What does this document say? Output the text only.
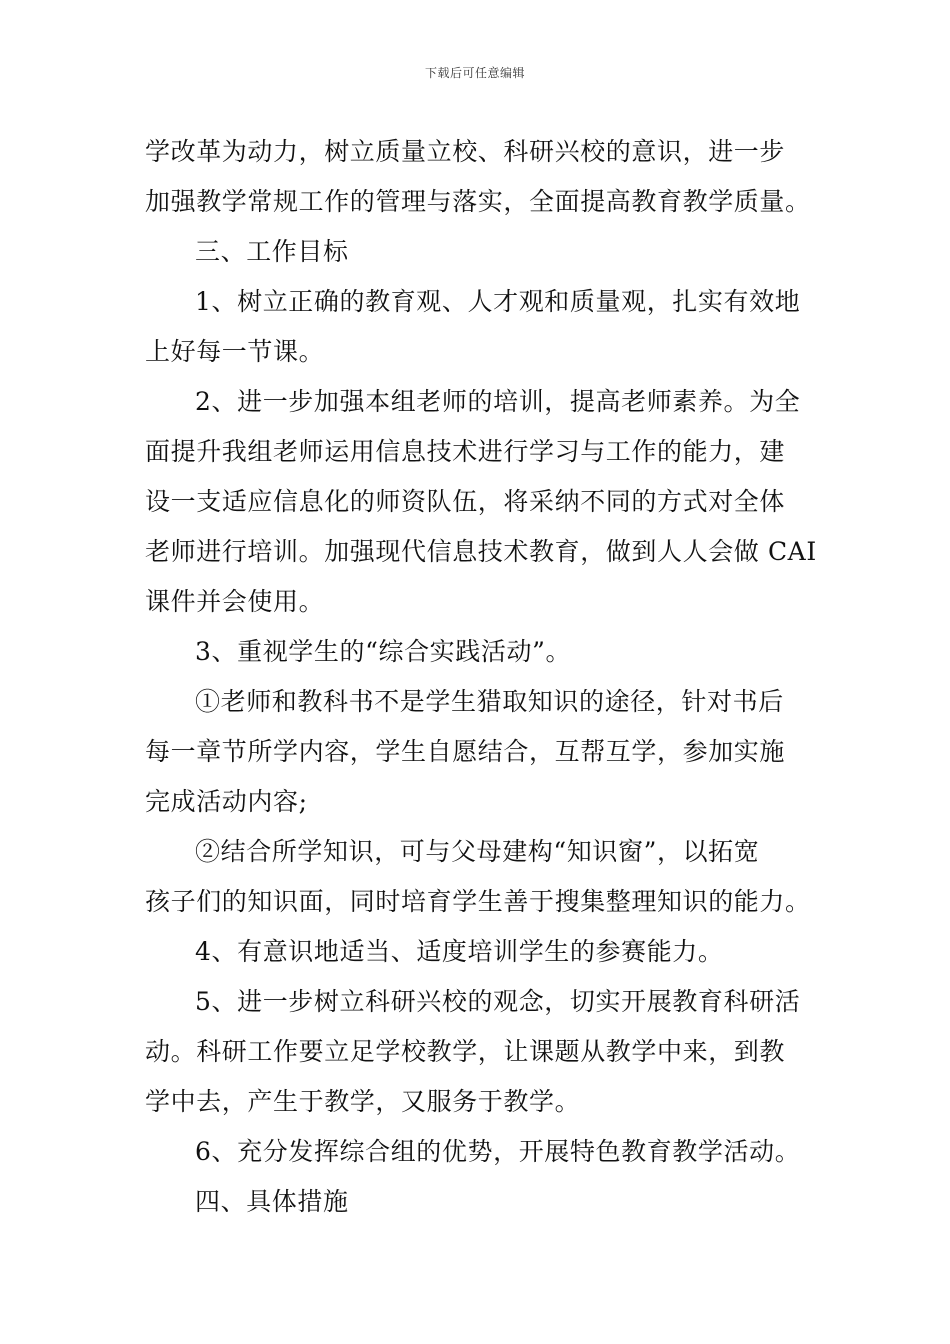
下载后可任意编辑

学改革为动力，树立质量立校、科研兴校的意识，进一步

加强教学常规工作的管理与落实，全面提高教育教学质量。

三、工作目标

1、树立正确的教育观、人才观和质量观，扎实有效地

上好每一节课。

2、进一步加强本组老师的培训，提高老师素养。为全

面提升我组老师运用信息技术进行学习与工作的能力，建

设一支适应信息化的师资队伍，将采纳不同的方式对全体

老师进行培训。加强现代信息技术教育，做到人人会做 CAI

课件并会使用。

3、重视学生的“综合实践活动”。

①老师和教科书不是学生猎取知识的途径，针对书后

每一章节所学内容，学生自愿结合，互帮互学，参加实施

完成活动内容;

②结合所学知识，可与父母建构“知识窗”，以拓宽

孩子们的知识面，同时培育学生善于搜集整理知识的能力。

4、有意识地适当、适度培训学生的参赛能力。

5、进一步树立科研兴校的观念，切实开展教育科研活

动。科研工作要立足学校教学，让课题从教学中来，到教

学中去，产生于教学，又服务于教学。

6、充分发挥综合组的优势，开展特色教育教学活动。

四、具体措施
